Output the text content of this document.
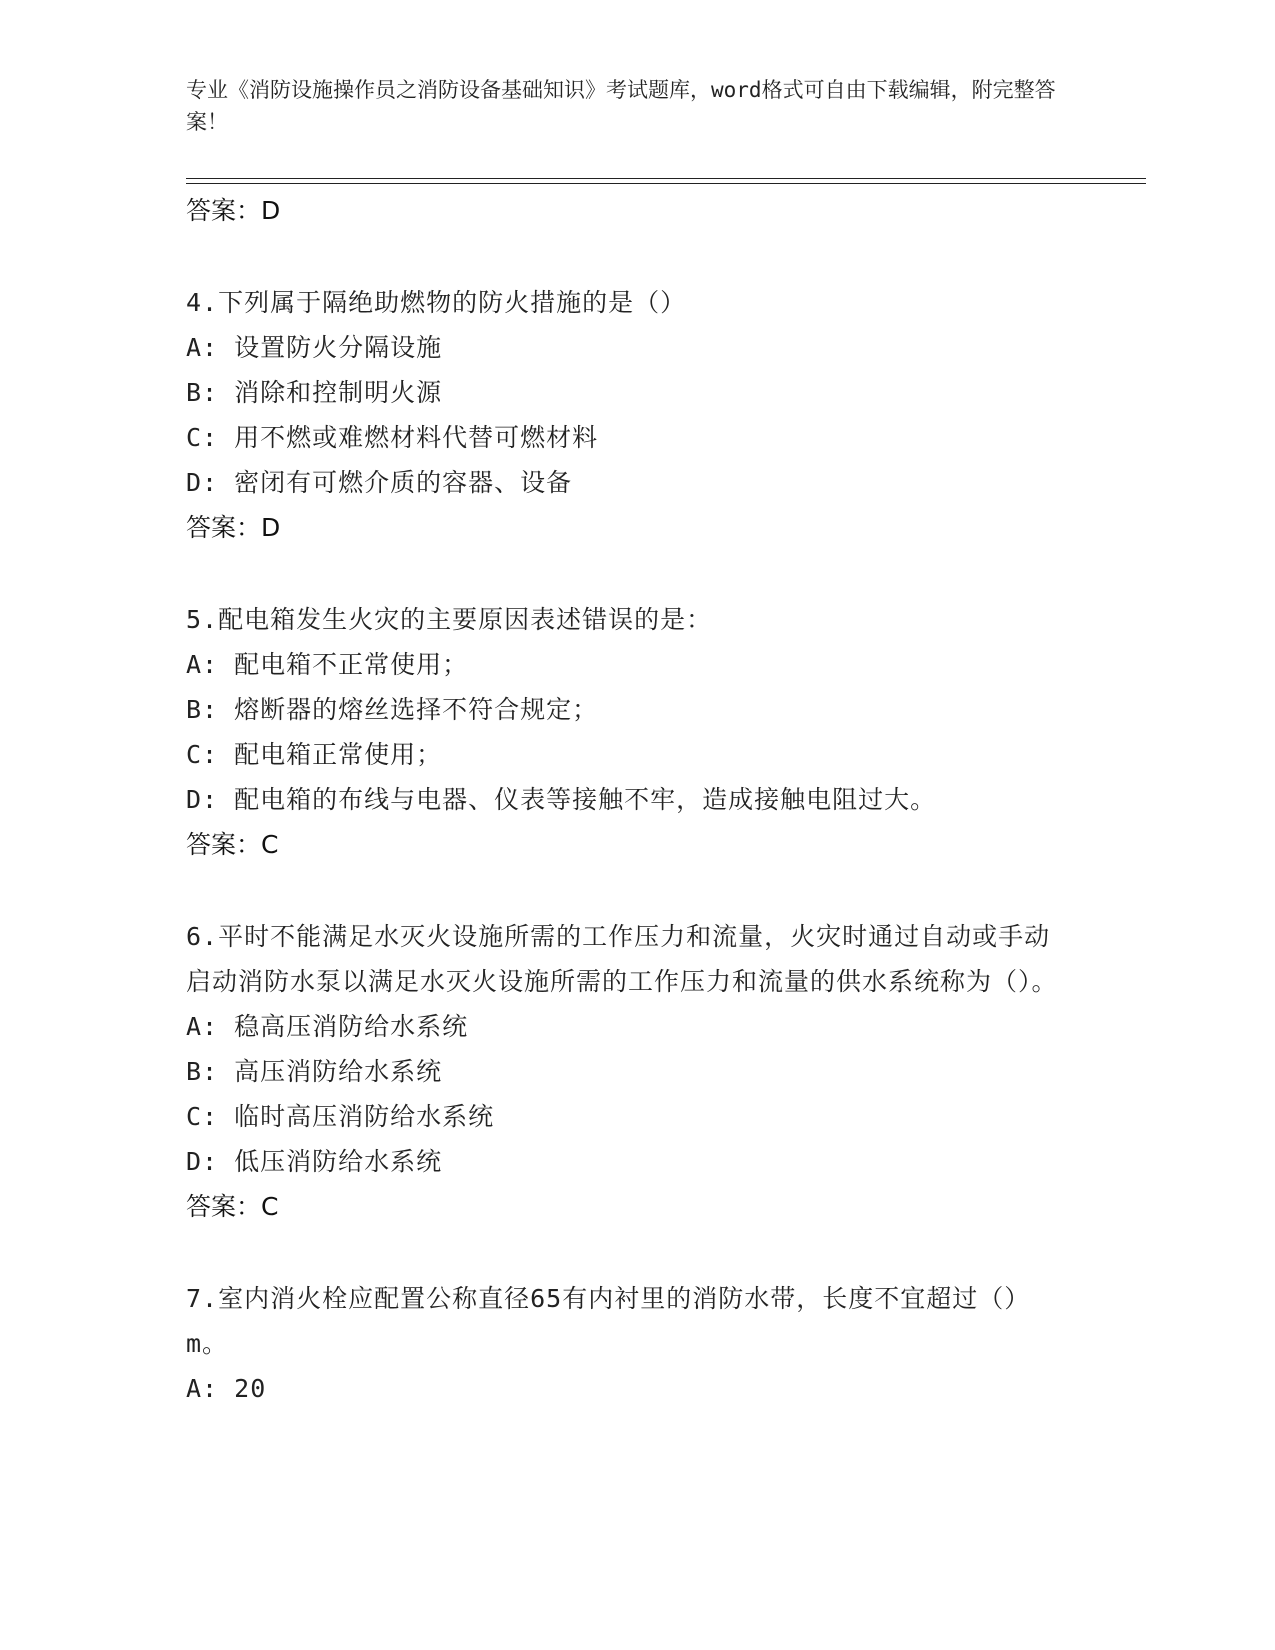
专业《消防设施操作员之消防设备基础知识》考试题库，word格式可自由下载编辑，附完整答案！
答案：D
4.下列属于隔绝助燃物的防火措施的是（）
A: 设置防火分隔设施
B: 消除和控制明火源
C: 用不燃或难燃材料代替可燃材料
D: 密闭有可燃介质的容器、设备
答案：D
5.配电箱发生火灾的主要原因表述错误的是：
A: 配电箱不正常使用；
B: 熔断器的熔丝选择不符合规定；
C: 配电箱正常使用；
D: 配电箱的布线与电器、仪表等接触不牢，造成接触电阻过大。
答案：C
6.平时不能满足水灭火设施所需的工作压力和流量，火灾时通过自动或手动启动消防水泵以满足水灭火设施所需的工作压力和流量的供水系统称为（）。
A: 稳高压消防给水系统
B: 高压消防给水系统
C: 临时高压消防给水系统
D: 低压消防给水系统
答案：C
7.室内消火栓应配置公称直径65有内衬里的消防水带，长度不宜超过（）m。
A: 20
